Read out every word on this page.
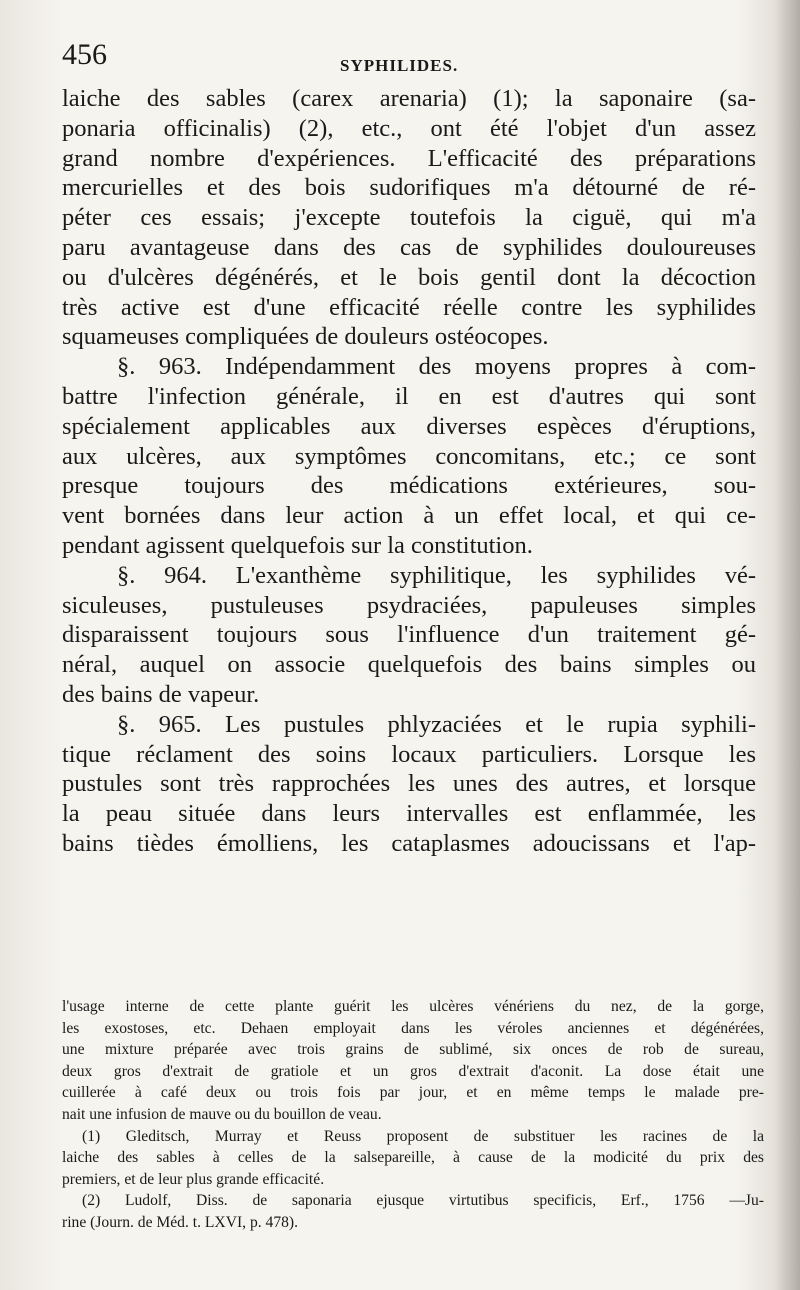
456	SYPHILIDES.
laiche des sables (carex arenaria) (1); la saponaire (sa-
ponaria officinalis) (2), etc., ont été l'objet d'un assez
grand nombre d'expériences. L'efficacité des préparations
mercurielles et des bois sudorifiques m'a détourné de ré-
péter ces essais; j'excepte toutefois la ciguë, qui m'a
paru avantageuse dans des cas de syphilides douloureuses
ou d'ulcères dégénérés, et le bois gentil dont la décoction
très active est d'une efficacité réelle contre les syphilides
squameuses compliquées de douleurs ostéocopes.
§. 963. Indépendamment des moyens propres à com-
battre l'infection générale, il en est d'autres qui sont
spécialement applicables aux diverses espèces d'éruptions,
aux ulcères, aux symptômes concomitans, etc.; ce sont
presque toujours des médications extérieures, sou-
vent bornées dans leur action à un effet local, et qui ce-
pendant agissent quelquefois sur la constitution.
§. 964. L'exanthème syphilitique, les syphilides vé-
siculeuses, pustuleuses psydraciées, papuleuses simples
disparaissent toujours sous l'influence d'un traitement gé-
néral, auquel on associe quelquefois des bains simples ou
des bains de vapeur.
§. 965. Les pustules phlyzaciées et le rupia syphili-
tique réclament des soins locaux particuliers. Lorsque les
pustules sont très rapprochées les unes des autres, et lorsque
la peau située dans leurs intervalles est enflammée, les
bains tièdes émolliens, les cataplasmes adoucissans et l'ap-
l'usage interne de cette plante guérit les ulcères vénériens du nez, de la gorge,
les exostoses, etc. Dehaen employait dans les véroles anciennes et dégénérées,
une mixture préparée avec trois grains de sublimé, six onces de rob de sureau,
deux gros d'extrait de gratiole et un gros d'extrait d'aconit. La dose était une
cuillerée à café deux ou trois fois par jour, et en même temps le malade pre-
nait une infusion de mauve ou du bouillon de veau.
(1) Gleditsch, Murray et Reuss proposent de substituer les racines de la
laiche des sables à celles de la salsepareille, à cause de la modicité du prix des
premiers, et de leur plus grande efficacité.
(2) Ludolf, Diss. de saponaria ejusque virtutibus specificis, Erf., 1756 —Ju-
rine (Journ. de Méd. t. LXVI, p. 478).
